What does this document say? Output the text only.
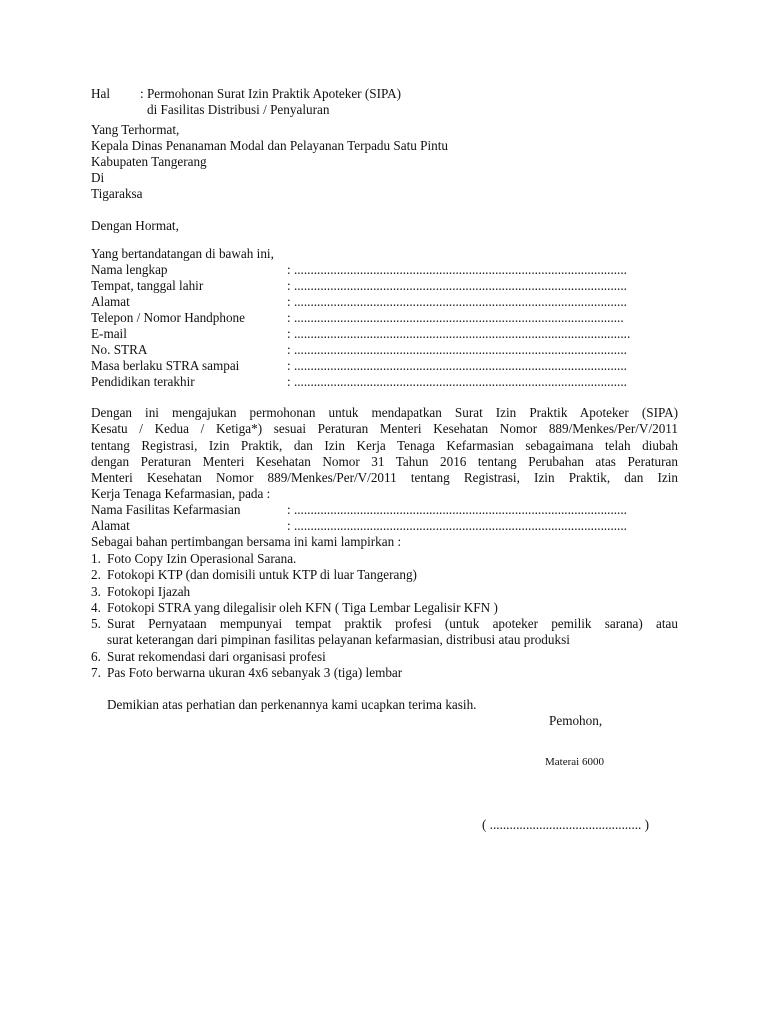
Hal : Permohonan Surat Izin Praktik Apoteker (SIPA)
di Fasilitas Distribusi / Penyaluran
Yang Terhormat,
Kepala Dinas Penanaman Modal dan Pelayanan Terpadu Satu Pintu
Kabupaten Tangerang
Di
Tigaraksa
Dengan Hormat,
Yang bertandatangan di bawah ini,
Nama lengkap	: .....................................................................................................
Tempat, tanggal lahir	: .....................................................................................................
Alamat	: .....................................................................................................
Telepon / Nomor Handphone	: ....................................................................................................
E-mail	: ......................................................................................................
No. STRA	: .....................................................................................................
Masa berlaku STRA sampai	: .....................................................................................................
Pendidikan terakhir	: .....................................................................................................
Dengan ini mengajukan permohonan untuk mendapatkan Surat Izin Praktik Apoteker (SIPA)
Kesatu / Kedua / Ketiga*) sesuai Peraturan Menteri Kesehatan Nomor 889/Menkes/Per/V/2011
tentang Registrasi, Izin Praktik, dan Izin Kerja Tenaga Kefarmasian sebagaimana telah diubah
dengan Peraturan Menteri Kesehatan Nomor 31 Tahun 2016 tentang Perubahan atas Peraturan
Menteri Kesehatan Nomor 889/Menkes/Per/V/2011 tentang Registrasi, Izin Praktik, dan Izin
Kerja Tenaga Kefarmasian, pada :
Nama Fasilitas Kefarmasian	: .....................................................................................................
Alamat	: .....................................................................................................
Sebagai bahan pertimbangan bersama ini kami lampirkan :
1. Foto Copy Izin Operasional Sarana.
2. Fotokopi KTP (dan domisili untuk KTP di luar Tangerang)
3. Fotokopi Ijazah
4. Fotokopi STRA yang dilegalisir oleh KFN ( Tiga Lembar Legalisir KFN )
5. Surat Pernyataan mempunyai tempat praktik profesi (untuk apoteker pemilik sarana) atau
surat keterangan dari pimpinan fasilitas pelayanan kefarmasian, distribusi atau produksi
6. Surat rekomendasi dari organisasi profesi
7. Pas Foto berwarna ukuran 4x6 sebanyak 3 (tiga) lembar
Demikian atas perhatian dan perkenannya kami ucapkan terima kasih.
Pemohon,
Materai 6000
( .............................................. )
